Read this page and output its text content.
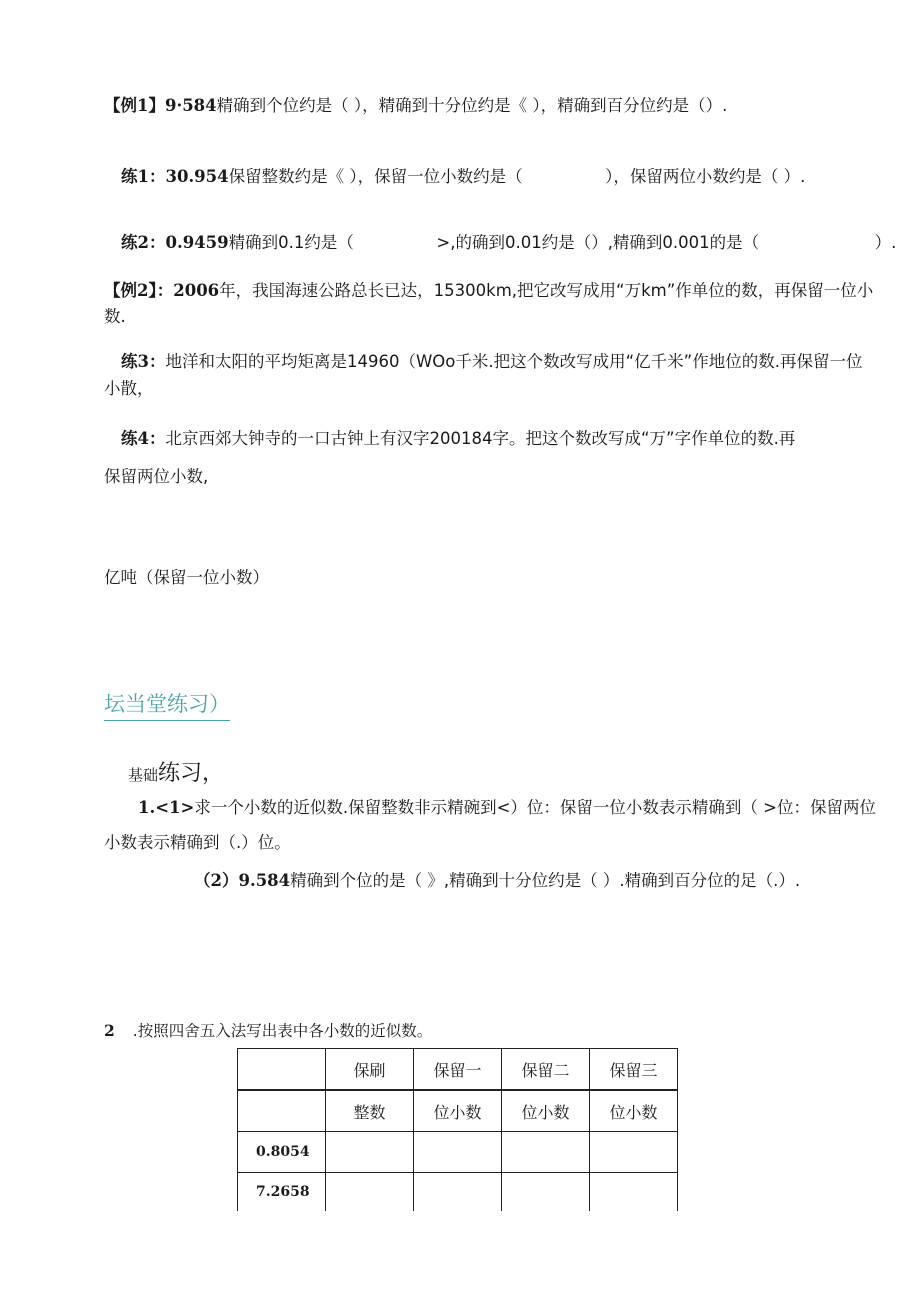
【例1】9·584精确到个位约是（ ），精确到十分位约是《 ），精确到百分位约是（）.
练1：30.954保留整数约是《 ），保留一位小数约是（　　　　　），保留两位小数约是（ ）.
练2：0.9459精确到0.1约是（　　　　　>,的确到0.01约是（）,精确到0.001的是（　　　　　　　）.
【例2】：2006年，我国海速公路总长已达，15300km,把它改写成用“万km”作单位的数，再保留一位小
数.
练3：地洋和太阳的平均矩离是14960（WOo千米.把这个数改写成用“亿千米”作地位的数.再保留一位
小散，
练4：北京西郊大钟寺的一口古钟上有汉字200184字。把这个数改写成“万”字作单位的数.再
保留两位小数,
亿吨（保留一位小数）
坛当堂练习）
基础练习，
1.<1>求一个小数的近似数.保留整数非示精碗到<）位：保留一位小数表示精确到（ >位：保留两位
小数表示精确到（.）位。
（2）9.584精确到个位的是（ 》,精确到十分位约是（ ）.精确到百分位的足（.）.
2 .按照四舍五入法写出表中各小数的近似数。
	保刷	保留一	保留二	保留三
	整数	位小数	位小数	位小数
0.8054				
7.2658				
